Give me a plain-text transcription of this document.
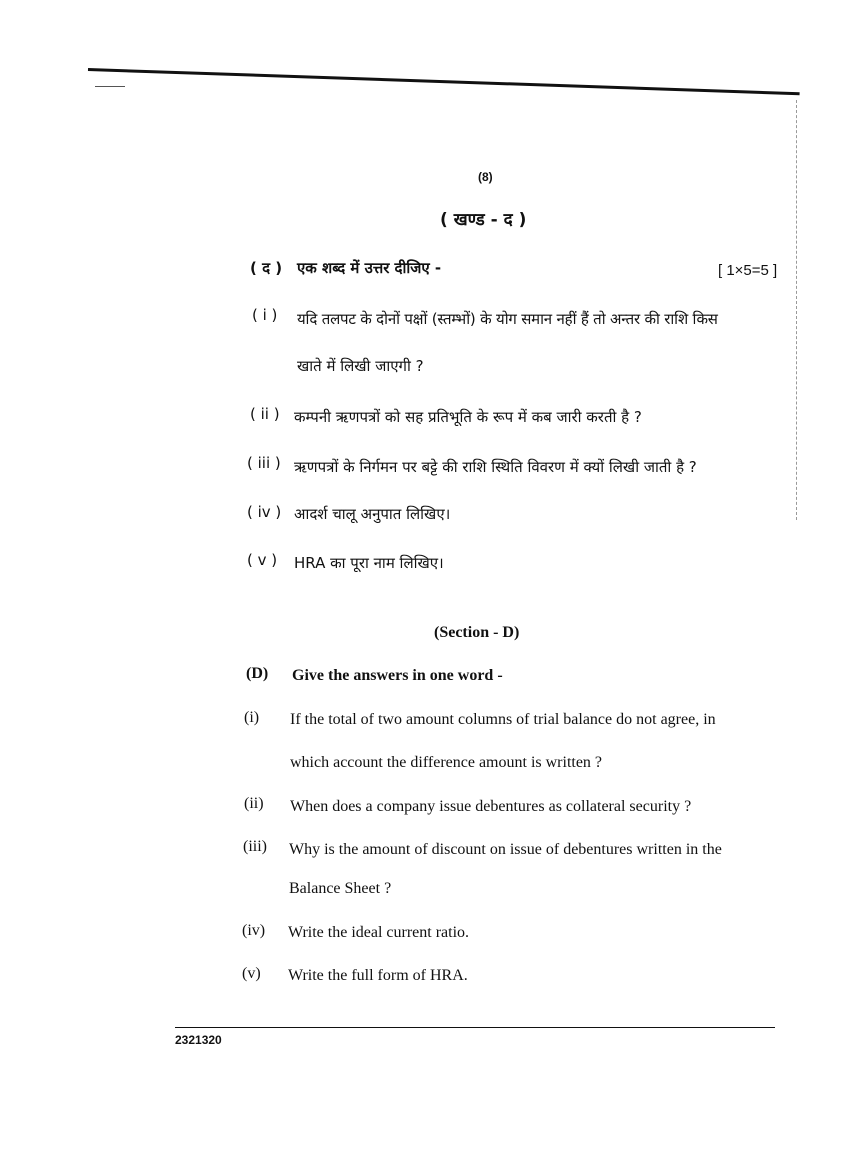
(8)
( खण्ड - द )
( द ) एक शब्द में उत्तर दीजिए -	[ 1×5=5 ]
( i ) यदि तलपट के दोनों पक्षों (स्तम्भों) के योग समान नहीं हैं तो अन्तर की राशि किस
खाते में लिखी जाएगी ?
( ii ) कम्पनी ऋणपत्रों को सह प्रतिभूति के रूप में कब जारी करती है ?
( iii ) ऋणपत्रों के निर्गमन पर बट्टे की राशि स्थिति विवरण में क्यों लिखी जाती है ?
( iv ) आदर्श चालू अनुपात लिखिए।
( v ) HRA का पूरा नाम लिखिए।
(Section - D)
(D) Give the answers in one word -
(i) If the total of two amount columns of trial balance do not agree, in
which account the difference amount is written ?
(ii) When does a company issue debentures as collateral security ?
(iii) Why is the amount of discount on issue of debentures written in the
Balance Sheet ?
(iv) Write the ideal current ratio.
(v) Write the full form of HRA.
2321320
